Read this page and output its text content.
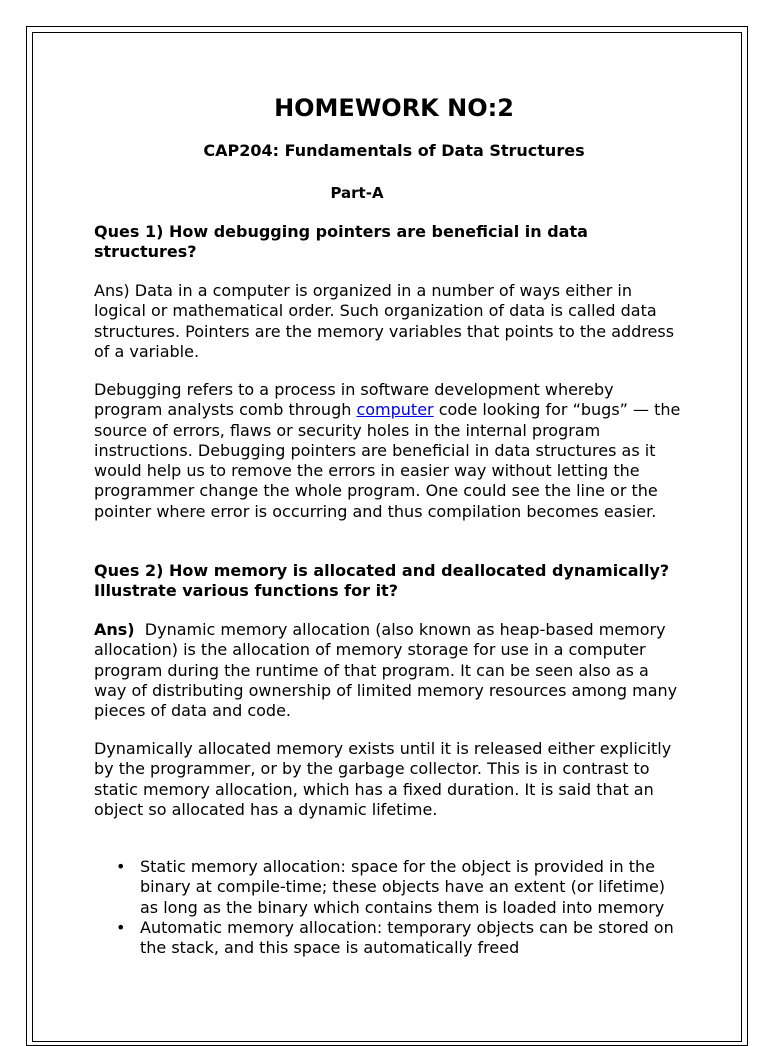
HOMEWORK NO:2
CAP204: Fundamentals of Data Structures
Part-A
Ques 1) How debugging pointers are beneficial in data structures?
Ans) Data in a computer is organized in a number of ways either in logical or mathematical order. Such organization of data is called data structures. Pointers are the memory variables that points to the address of a variable.
Debugging refers to a process in software development whereby program analysts comb through computer code looking for “bugs” — the source of errors, flaws or security holes in the internal program instructions. Debugging pointers are beneficial in data structures as it would help us to remove the errors in easier way without letting the programmer change the whole program. One could see the line or the pointer where error is occurring and thus compilation becomes easier.
Ques 2) How memory is allocated and deallocated dynamically? Illustrate various functions for it?
Ans) Dynamic memory allocation (also known as heap-based memory allocation) is the allocation of memory storage for use in a computer program during the runtime of that program. It can be seen also as a way of distributing ownership of limited memory resources among many pieces of data and code.
Dynamically allocated memory exists until it is released either explicitly by the programmer, or by the garbage collector. This is in contrast to static memory allocation, which has a fixed duration. It is said that an object so allocated has a dynamic lifetime.
• Static memory allocation: space for the object is provided in the binary at compile-time; these objects have an extent (or lifetime) as long as the binary which contains them is loaded into memory
• Automatic memory allocation: temporary objects can be stored on the stack, and this space is automatically freed
